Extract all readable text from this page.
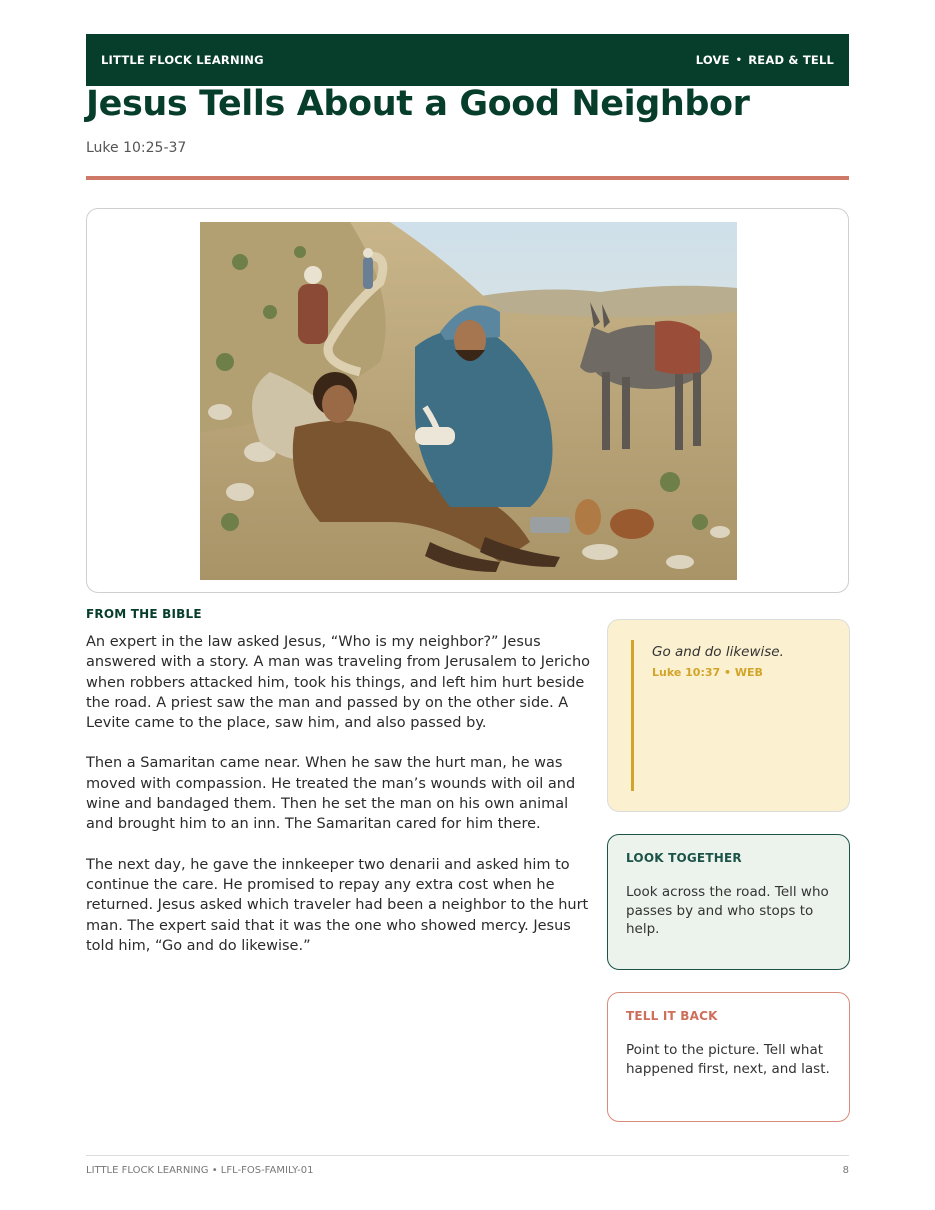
LITTLE FLOCK LEARNING	LOVE • READ & TELL
Jesus Tells About a Good Neighbor
Luke 10:25-37
FROM THE BIBLE

An expert in the law asked Jesus, “Who is my neighbor?” Jesus answered with a story. A man was traveling from Jerusalem to Jericho when robbers attacked him, took his things, and left him hurt beside the road. A priest saw the man and passed by on the other side. A Levite came to the place, saw him, and also passed by.

Then a Samaritan came near. When he saw the hurt man, he was moved with compassion. He treated the man’s wounds with oil and wine and bandaged them. Then he set the man on his own animal and brought him to an inn. The Samaritan cared for him there.

The next day, he gave the innkeeper two denarii and asked him to continue the care. He promised to repay any extra cost when he returned. Jesus asked which traveler had been a neighbor to the hurt man. The expert said that it was the one who showed mercy. Jesus told him, “Go and do likewise.”

Go and do likewise.
Luke 10:37 • WEB
LOOK TOGETHER
Look across the road. Tell who passes by and who stops to help.
TELL IT BACK
Point to the picture. Tell what happened first, next, and last.
LITTLE FLOCK LEARNING • LFL-FOS-FAMILY-01	8
